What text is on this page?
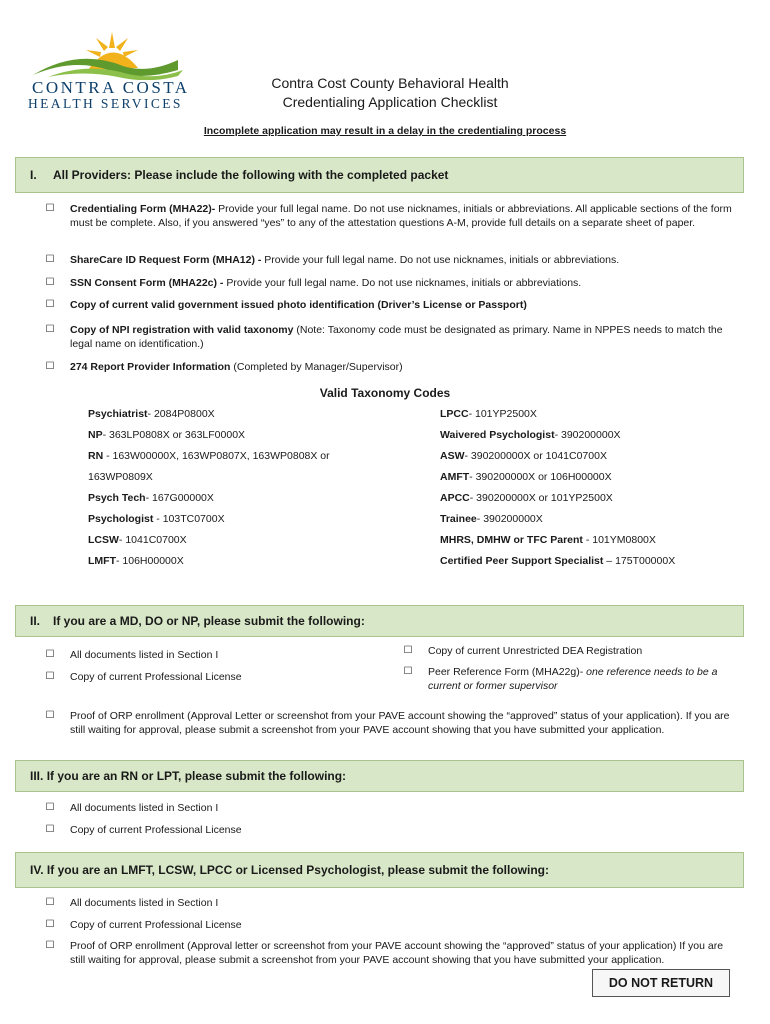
CONTRA COSTA
HEALTH SERVICES
Contra Cost County Behavioral Health
Credentialing Application Checklist
Incomplete application may result in a delay in the credentialing process
I. All Providers: Please include the following with the completed packet
☐ Credentialing Form (MHA22)- Provide your full legal name. Do not use nicknames, initials or abbreviations. All applicable sections of the form must be complete. Also, if you answered “yes” to any of the attestation questions A-M, provide full details on a separate sheet of paper.
☐ ShareCare ID Request Form (MHA12) - Provide your full legal name. Do not use nicknames, initials or abbreviations.
☐ SSN Consent Form (MHA22c) - Provide your full legal name. Do not use nicknames, initials or abbreviations.
☐ Copy of current valid government issued photo identification (Driver’s License or Passport)
☐ Copy of NPI registration with valid taxonomy (Note: Taxonomy code must be designated as primary. Name in NPPES needs to match the legal name on identification.)
☐ 274 Report Provider Information (Completed by Manager/Supervisor)
Valid Taxonomy Codes
Psychiatrist- 2084P0800X
NP- 363LP0808X or 363LF0000X
RN - 163W00000X, 163WP0807X, 163WP0808X or
163WP0809X
Psych Tech- 167G00000X
Psychologist - 103TC0700X
LCSW- 1041C0700X
LMFT- 106H00000X
LPCC- 101YP2500X
Waivered Psychologist- 390200000X
ASW- 390200000X or 1041C0700X
AMFT- 390200000X or 106H00000X
APCC- 390200000X or 101YP2500X
Trainee- 390200000X
MHRS, DMHW or TFC Parent - 101YM0800X
Certified Peer Support Specialist – 175T00000X
II. If you are a MD, DO or NP, please submit the following:
☐ All documents listed in Section I
☐ Copy of current Professional License
☐ Copy of current Unrestricted DEA Registration
☐ Peer Reference Form (MHA22g)- one reference needs to be a current or former supervisor
☐ Proof of ORP enrollment (Approval Letter or screenshot from your PAVE account showing the “approved” status of your application). If you are still waiting for approval, please submit a screenshot from your PAVE account showing that you have submitted your application.
III. If you are an RN or LPT, please submit the following:
☐ All documents listed in Section I
☐ Copy of current Professional License
IV. If you are an LMFT, LCSW, LPCC or Licensed Psychologist, please submit the following:
☐ All documents listed in Section I
☐ Copy of current Professional License
☐ Proof of ORP enrollment (Approval letter or screenshot from your PAVE account showing the “approved” status of your application) If you are still waiting for approval, please submit a screenshot from your PAVE account showing that you have submitted your application.
DO NOT RETURN
